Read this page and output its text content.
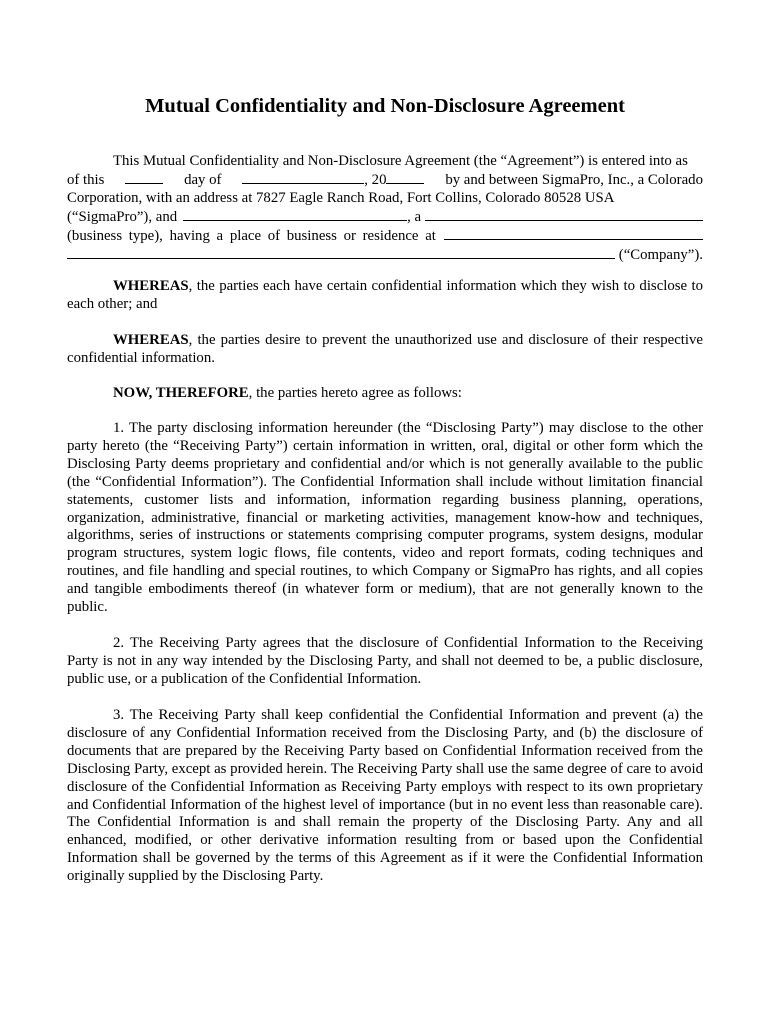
Mutual Confidentiality and Non-Disclosure Agreement
This Mutual Confidentiality and Non-Disclosure Agreement (the “Agreement”) is entered into as
of this	day of	, 20	by and between SigmaPro, Inc., a Colorado
Corporation, with an address at 7827 Eagle Ranch Road, Fort Collins, Colorado 80528 USA
(“SigmaPro”), and	, a
(business type), having a place of business or residence at
(“Company”).

WHEREAS, the parties each have certain confidential information which they wish to disclose to each other; and

WHEREAS, the parties desire to prevent the unauthorized use and disclosure of their respective confidential information.

NOW, THEREFORE, the parties hereto agree as follows:

1. The party disclosing information hereunder (the “Disclosing Party”) may disclose to the other party hereto (the “Receiving Party”) certain information in written, oral, digital or other form which the Disclosing Party deems proprietary and confidential and/or which is not generally available to the public (the “Confidential Information”). The Confidential Information shall include without limitation financial statements, customer lists and information, information regarding business planning, operations, organization, administrative, financial or marketing activities, management know-how and techniques, algorithms, series of instructions or statements comprising computer programs, system designs, modular program structures, system logic flows, file contents, video and report formats, coding techniques and routines, and file handling and special routines, to which Company or SigmaPro has rights, and all copies and tangible embodiments thereof (in whatever form or medium), that are not generally known to the public.

2. The Receiving Party agrees that the disclosure of Confidential Information to the Receiving Party is not in any way intended by the Disclosing Party, and shall not deemed to be, a public disclosure, public use, or a publication of the Confidential Information.

3. The Receiving Party shall keep confidential the Confidential Information and prevent (a) the disclosure of any Confidential Information received from the Disclosing Party, and (b) the disclosure of documents that are prepared by the Receiving Party based on Confidential Information received from the Disclosing Party, except as provided herein. The Receiving Party shall use the same degree of care to avoid disclosure of the Confidential Information as Receiving Party employs with respect to its own proprietary and Confidential Information of the highest level of importance (but in no event less than reasonable care). The Confidential Information is and shall remain the property of the Disclosing Party. Any and all enhanced, modified, or other derivative information resulting from or based upon the Confidential Information shall be governed by the terms of this Agreement as if it were the Confidential Information originally supplied by the Disclosing Party.
